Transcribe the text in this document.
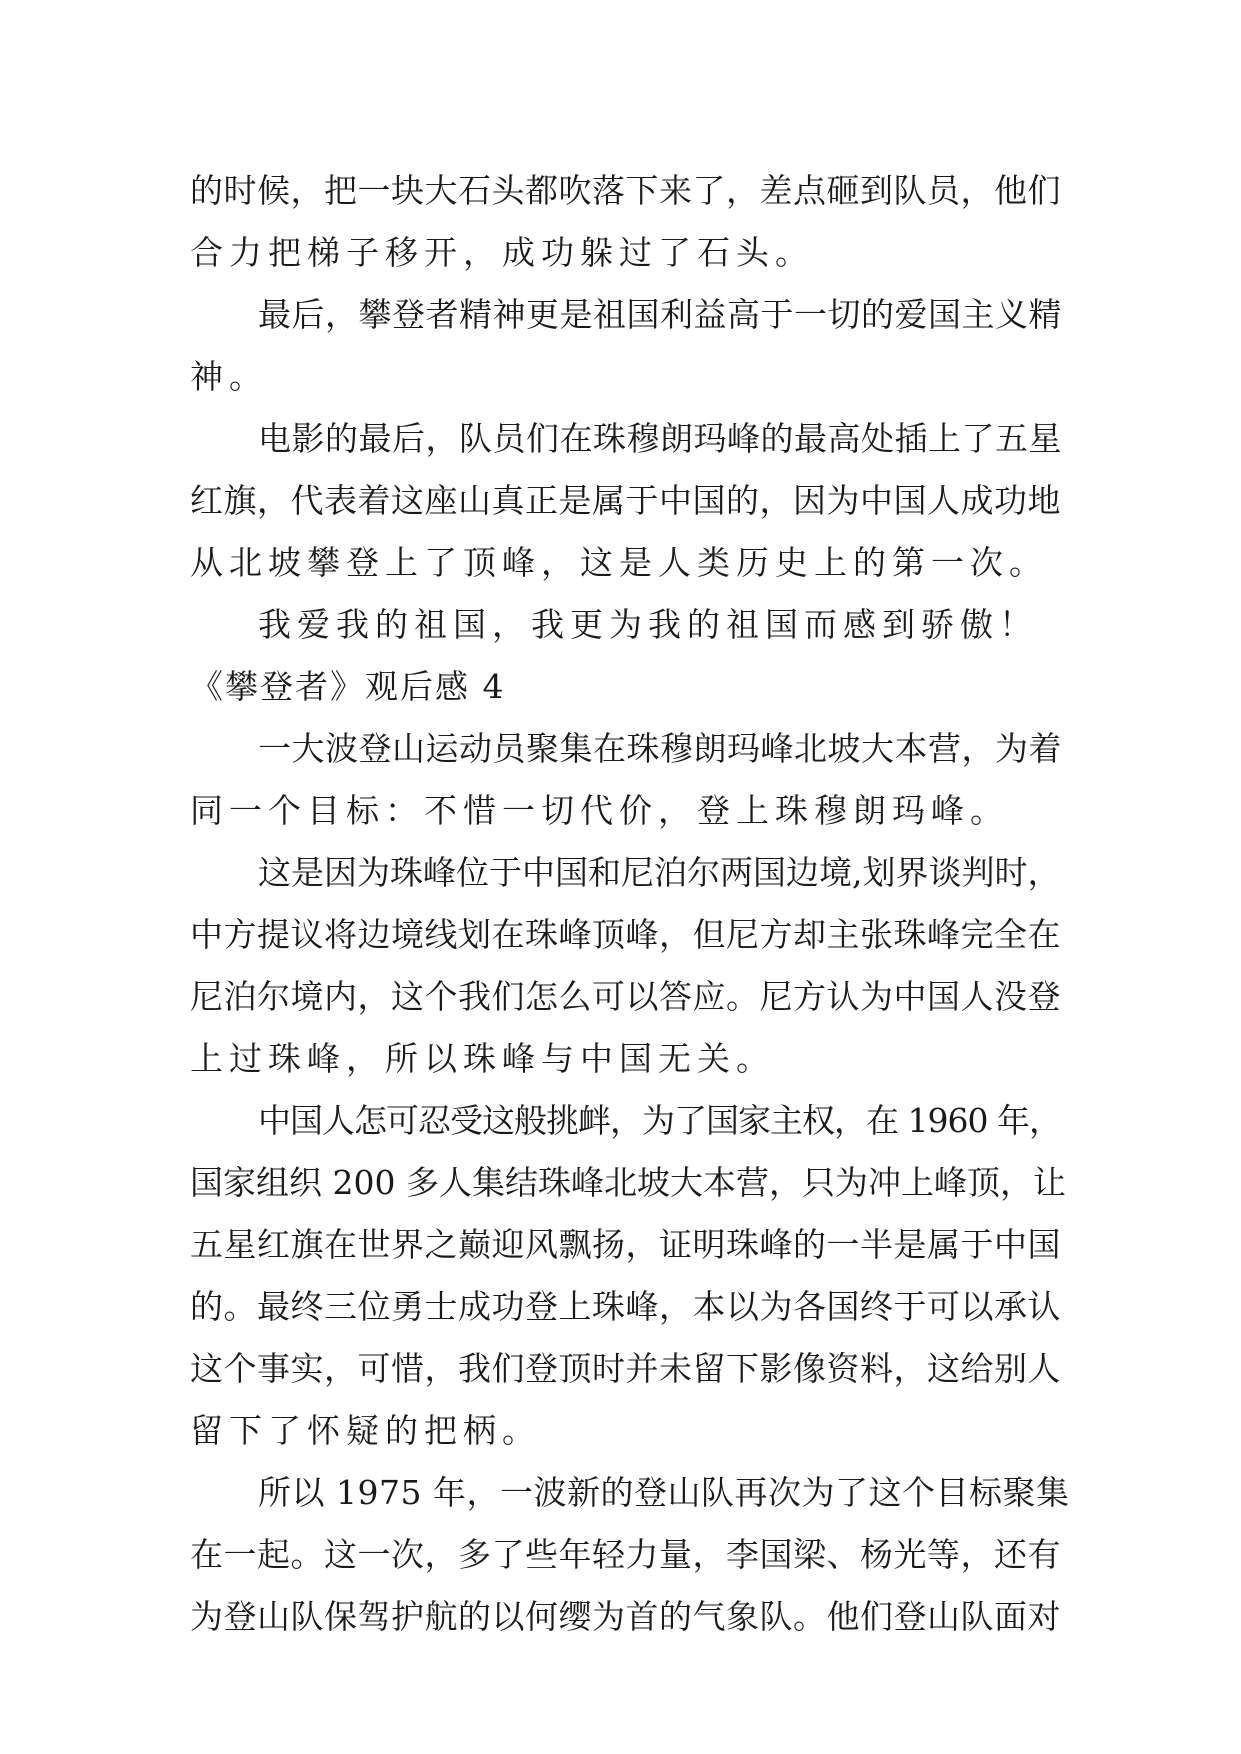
的时候，把一块大石头都吹落下来了，差点砸到队员，他们
合力把梯子移开，成功躲过了石头。
最后，攀登者精神更是祖国利益高于一切的爱国主义精
神。
电影的最后，队员们在珠穆朗玛峰的最高处插上了五星
红旗，代表着这座山真正是属于中国的，因为中国人成功地
从北坡攀登上了顶峰，这是人类历史上的第一次。
我爱我的祖国，我更为我的祖国而感到骄傲！
《攀登者》观后感 4
一大波登山运动员聚集在珠穆朗玛峰北坡大本营，为着
同一个目标：不惜一切代价，登上珠穆朗玛峰。
这是因为珠峰位于中国和尼泊尔两国边境,划界谈判时，
中方提议将边境线划在珠峰顶峰，但尼方却主张珠峰完全在
尼泊尔境内，这个我们怎么可以答应。尼方认为中国人没登
上过珠峰，所以珠峰与中国无关。
中国人怎可忍受这般挑衅，为了国家主权，在 1960 年，
国家组织 200 多人集结珠峰北坡大本营，只为冲上峰顶，让
五星红旗在世界之巅迎风飘扬，证明珠峰的一半是属于中国
的。最终三位勇士成功登上珠峰，本以为各国终于可以承认
这个事实，可惜，我们登顶时并未留下影像资料，这给别人
留下了怀疑的把柄。
所以 1975 年，一波新的登山队再次为了这个目标聚集
在一起。这一次，多了些年轻力量，李国梁、杨光等，还有
为登山队保驾护航的以何缨为首的气象队。他们登山队面对
